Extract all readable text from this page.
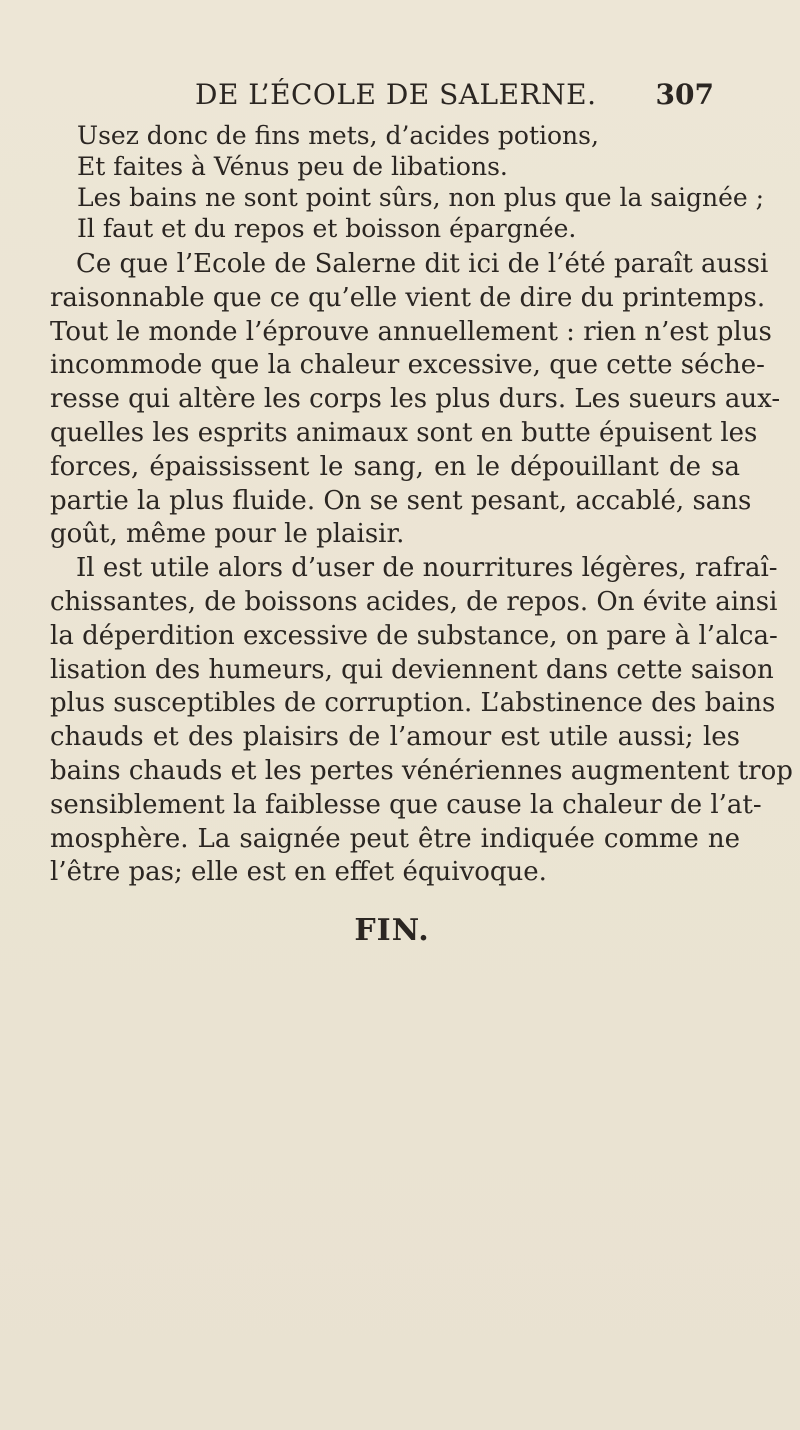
DE L’ÉCOLE DE SALERNE. 307
Usez donc de fins mets, d’acides potions,
Et faites à Vénus peu de libations.
Les bains ne sont point sûrs, non plus que la saignée ;
Il faut et du repos et boisson épargnée.
Ce que l’Ecole de Salerne dit ici de l’été paraît aussi
raisonnable que ce qu’elle vient de dire du printemps.
Tout le monde l’éprouve annuellement : rien n’est plus
incommode que la chaleur excessive, que cette séche-
resse qui altère les corps les plus durs. Les sueurs aux-
quelles les esprits animaux sont en butte épuisent les
forces, épaississent le sang, en le dépouillant de sa
partie la plus fluide. On se sent pesant, accablé, sans
goût, même pour le plaisir.
Il est utile alors d’user de nourritures légères, rafraî-
chissantes, de boissons acides, de repos. On évite ainsi
la déperdition excessive de substance, on pare à l’alca-
lisation des humeurs, qui deviennent dans cette saison
plus susceptibles de corruption. L’abstinence des bains
chauds et des plaisirs de l’amour est utile aussi; les
bains chauds et les pertes vénériennes augmentent trop
sensiblement la faiblesse que cause la chaleur de l’at-
mosphère. La saignée peut être indiquée comme ne
l’être pas; elle est en effet équivoque.
FIN.
